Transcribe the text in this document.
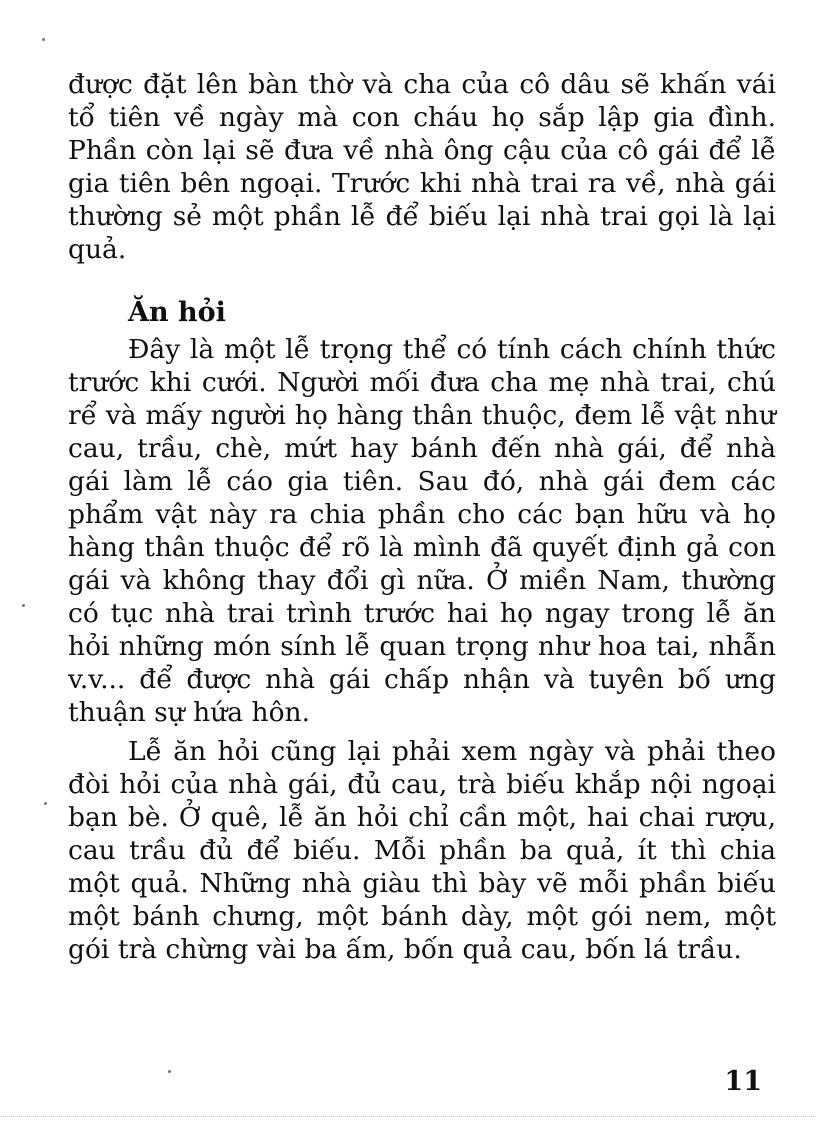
được đặt lên bàn thờ và cha của cô dâu sẽ khấn vái tổ tiên về ngày mà con cháu họ sắp lập gia đình. Phần còn lại sẽ đưa về nhà ông cậu của cô gái để lễ gia tiên bên ngoại. Trước khi nhà trai ra về, nhà gái thường sẻ một phần lễ để biếu lại nhà trai gọi là lại quả.

Ăn hỏi

Đây là một lễ trọng thể có tính cách chính thức trước khi cưới. Người mối đưa cha mẹ nhà trai, chú rể và mấy người họ hàng thân thuộc, đem lễ vật như cau, trầu, chè, mứt hay bánh đến nhà gái, để nhà gái làm lễ cáo gia tiên. Sau đó, nhà gái đem các phẩm vật này ra chia phần cho các bạn hữu và họ hàng thân thuộc để rõ là mình đã quyết định gả con gái và không thay đổi gì nữa. Ở miền Nam, thường có tục nhà trai trình trước hai họ ngay trong lễ ăn hỏi những món sính lễ quan trọng như hoa tai, nhẫn v.v... để được nhà gái chấp nhận và tuyên bố ưng thuận sự hứa hôn.

Lễ ăn hỏi cũng lại phải xem ngày và phải theo đòi hỏi của nhà gái, đủ cau, trà biếu khắp nội ngoại bạn bè. Ở quê, lễ ăn hỏi chỉ cần một, hai chai rượu, cau trầu đủ để biếu. Mỗi phần ba quả, ít thì chia một quả. Những nhà giàu thì bày vẽ mỗi phần biếu một bánh chưng, một bánh dày, một gói nem, một gói trà chừng vài ba ấm, bốn quả cau, bốn lá trầu.

11
